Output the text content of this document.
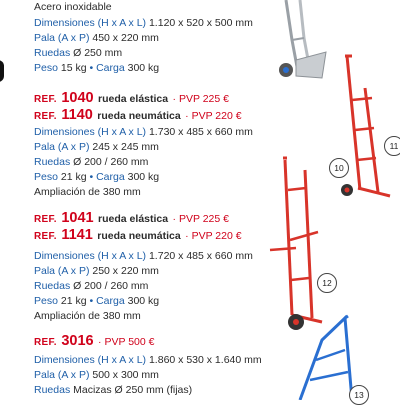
10
11
12
13
Acero inoxidable
Dimensiones (H x A x L) 1.120 x 520 x 500 mm
Pala (A x P) 450 x 220 mm
Ruedas Ø 250 mm
Peso 15 kg • Carga 300 kg
REF. 1040 rueda elástica · PVP 225 €
REF. 1140 rueda neumática · PVP 220 €
Dimensiones (H x A x L) 1.730 x 485 x 660 mm
Pala (A x P) 245 x 245 mm
Ruedas Ø 200 / 260 mm
Peso 21 kg • Carga 300 kg
Ampliación de 380 mm
REF. 1041 rueda elástica · PVP 225 €
REF. 1141 rueda neumática · PVP 220 €
Dimensiones (H x A x L) 1.720 x 485 x 660 mm
Pala (A x P) 250 x 220 mm
Ruedas Ø 200 / 260 mm
Peso 21 kg • Carga 300 kg
Ampliación de 380 mm
REF. 3016 · PVP 500 €
Dimensiones (H x A x L) 1.860 x 530 x 1.640 mm
Pala (A x P) 500 x 300 mm
Ruedas Macizas Ø 250 mm (fijas)
